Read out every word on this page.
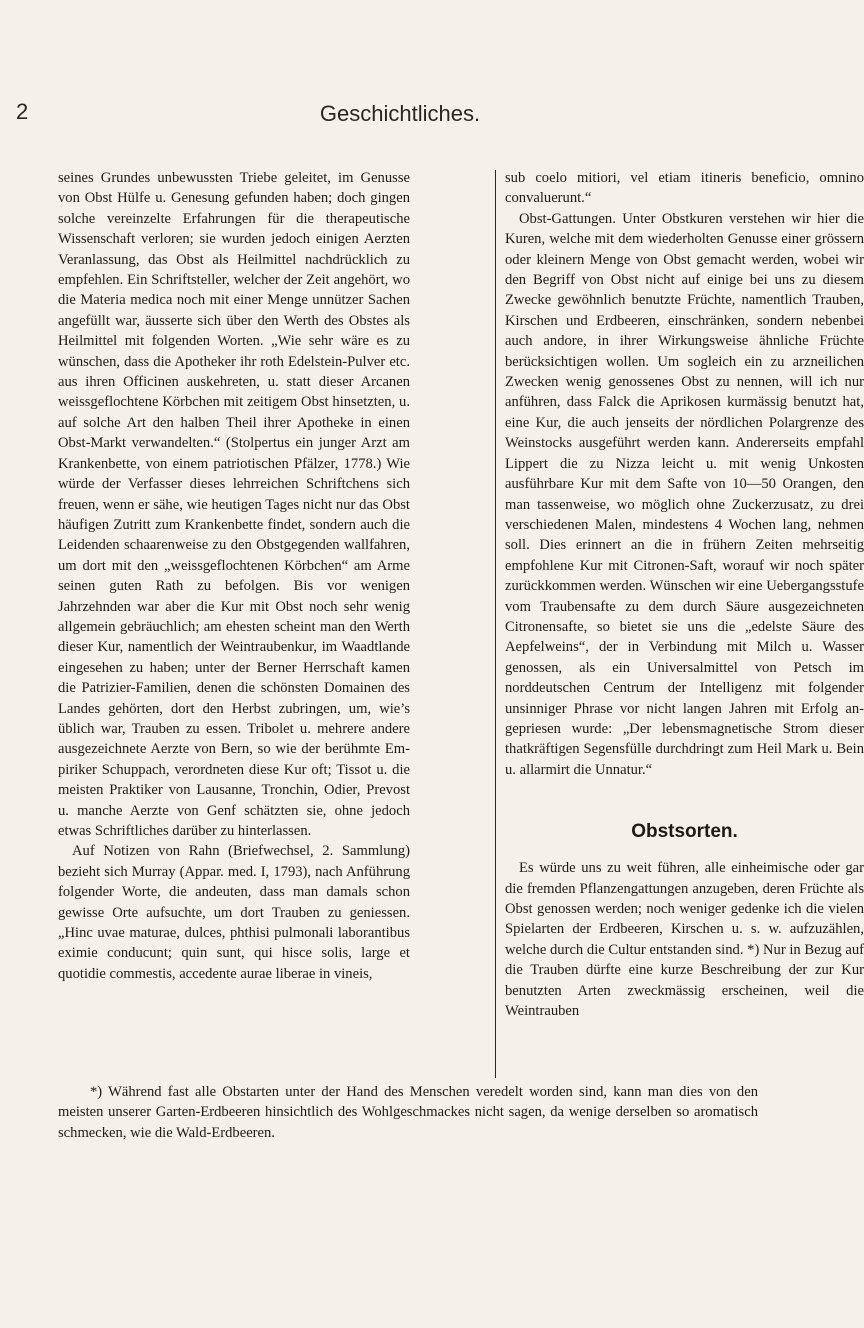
2	Geschichtliches.

seines Grundes unbewussten Triebe geleitet, im Genusse von Obst Hülfe u. Genesung gefunden haben; doch gingen solche vereinzelte Erfahrungen für die therapeutische Wissenschaft verloren; sie wurden jedoch einigen Aerzten Veranlassung, das Obst als Heilmittel nachdrücklich zu empfehlen. Ein Schriftsteller, welcher der Zeit angehört, wo die Materia medica noch mit einer Menge unnützer Sachen angefüllt war, äusserte sich über den Werth des Obstes als Heilmittel mit folgenden Worten. „Wie sehr wäre es zu wünschen, dass die Apotheker ihr roth Edelstein-Pulver etc. aus ihren Officinen auskehreten, u. statt dieser Arcanen weissgeflochtene Körbchen mit zeitigem Obst hinsetzten, u. auf solche Art den halben Theil ihrer Apotheke in einen Obst-Markt verwandelten.“ (Stolpertus ein junger Arzt am Krankenbette, von einem patriotischen Pfälzer, 1778.) Wie würde der Verfasser dieses lehrreichen Schriftchens sich freuen, wenn er sähe, wie heutigen Tages nicht nur das Obst häufigen Zutritt zum Krankenbette findet, sondern auch die Leidenden schaarenweise zu den Obstgegenden wallfahren, um dort mit den „weissgeflochtenen Körbchen“ am Arme seinen guten Rath zu befolgen. Bis vor wenigen Jahrzehnden war aber die Kur mit Obst noch sehr wenig allgemein gebräuchlich; am ehesten scheint man den Werth dieser Kur, namentlich der Weintraubenkur, im Waadtlande eingesehen zu haben; unter der Berner Herrschaft kamen die Patrizier-Familien, denen die schönsten Domainen des Landes gehörten, dort den Herbst zubringen, um, wie’s üblich war, Trauben zu essen. Tribolet u. mehrere andere ausgezeichnete Aerzte von Bern, so wie der berühmte Empiriker Schuppach, verordneten diese Kur oft; Tissot u. die meisten Praktiker von Lausanne, Tronchin, Odier, Prevost u. manche Aerzte von Genf schätzten sie, ohne jedoch etwas Schriftliches darüber zu hinterlassen.

Auf Notizen von Rahn (Briefwechsel, 2. Sammlung) bezieht sich Murray (Appar. med. I, 1793), nach Anführung folgender Worte, die andeuten, dass man damals schon gewisse Orte aufsuchte, um dort Trauben zu geniessen. „Hinc uvae maturae, dulces, phthisi pulmonali laborantibus eximie conducunt; quin sunt, qui hisce solis, large et quotidie commestis, accedente aurae liberae in vineis,

sub coelo mitiori, vel etiam itineris beneficio, omnino convaluerunt.“

Obst-Gattungen. Unter Obstkuren verstehen wir hier die Kuren, welche mit dem wiederholten Genusse einer grössern oder kleinern Menge von Obst gemacht werden, wobei wir den Begriff von Obst nicht auf einige bei uns zu diesem Zwecke gewöhnlich benutzte Früchte, namentlich Trauben, Kirschen und Erdbeeren, einschränken, sondern nebenbei auch andore, in ihrer Wirkungsweise ähnliche Früchte berücksichtigen wollen. Um sogleich ein zu arzneilichen Zwecken wenig genossenes Obst zu nennen, will ich nur anführen, dass Falck die Aprikosen kurmässig benutzt hat, eine Kur, die auch jenseits der nördlichen Polargrenze des Weinstocks ausgeführt werden kann. Andererseits empfahl Lippert die zu Nizza leicht u. mit wenig Unkosten ausführbare Kur mit dem Safte von 10—50 Orangen, den man tassenweise, wo möglich ohne Zuckerzusatz, zu drei verschiedenen Malen, mindestens 4 Wochen lang, nehmen soll. Dies erinnert an die in frühern Zeiten mehrseitig empfohlene Kur mit Citronen-Saft, worauf wir noch später zurückkommen werden. Wünschen wir eine Uebergangsstufe vom Traubensafte zu dem durch Säure ausgezeichneten Citronensafte, so bietet sie uns die „edelste Säure des Aepfelweins“, der in Verbindung mit Milch u. Wasser genossen, als ein Universalmittel von Petsch im norddeutschen Centrum der Intelligenz mit folgender unsinniger Phrase vor nicht langen Jahren mit Erfolg angepriesen wurde: „Der lebensmagnetische Strom dieser thatkräftigen Segensfülle durchdringt zum Heil Mark u. Bein u. allarmirt die Unnatur.“

Obstsorten.

Es würde uns zu weit führen, alle einheimische oder gar die fremden Pflanzengattungen anzugeben, deren Früchte als Obst genossen werden; noch weniger gedenke ich die vielen Spielarten der Erdbeeren, Kirschen u. s. w. aufzuzählen, welche durch die Cultur entstanden sind. *) Nur in Bezug auf die Trauben dürfte eine kurze Beschreibung der zur Kur benutzten Arten zweckmässig erscheinen, weil die Weintrauben

*) Während fast alle Obstarten unter der Hand des Menschen veredelt worden sind, kann man dies von den meisten unserer Garten-Erdbeeren hinsichtlich des Wohlgeschmackes nicht sagen, da wenige derselben so aromatisch schmecken, wie die Wald-Erdbeeren.
